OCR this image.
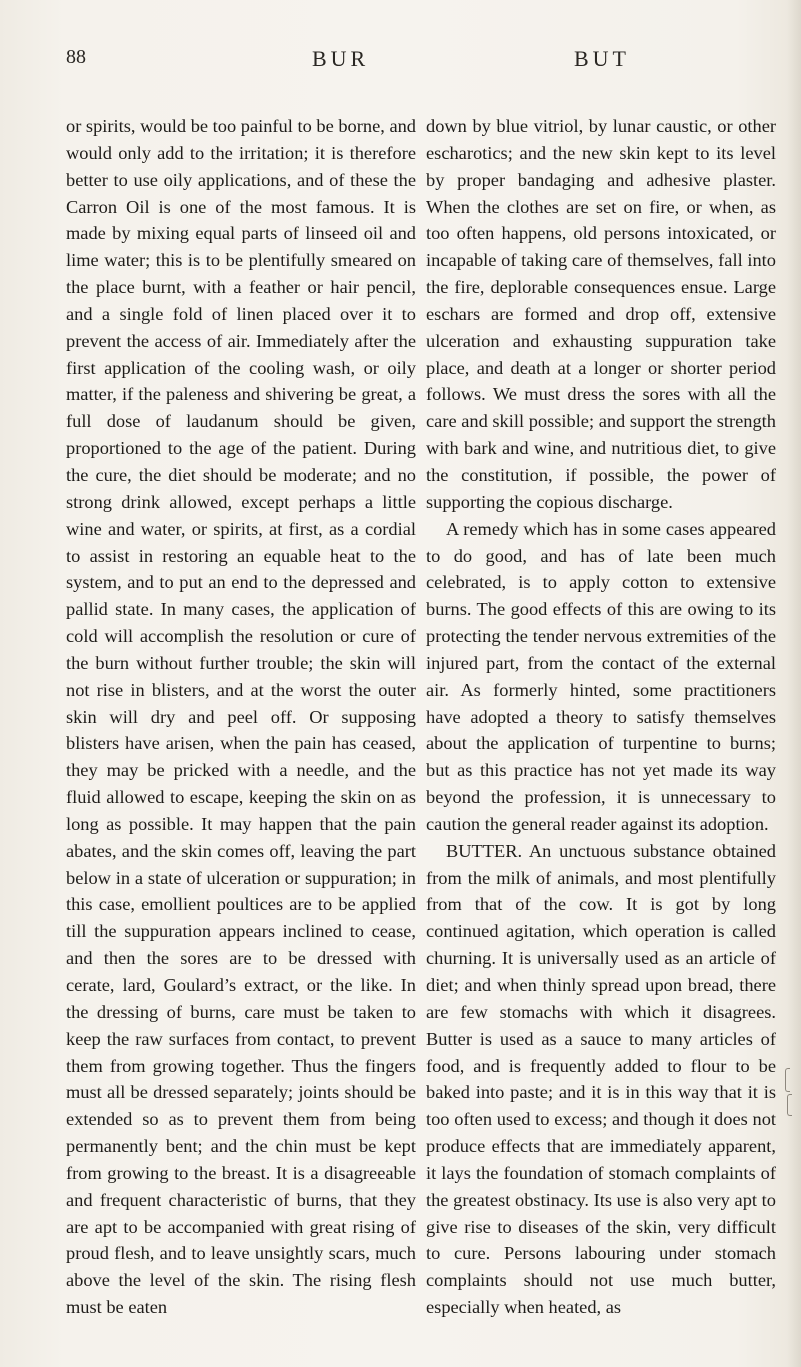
88	BUR	BUT

or spirits, would be too painful to be borne, and would only add to the irritation; it is therefore better to use oily applications, and of these the Carron Oil is one of the most famous. It is made by mixing equal parts of linseed oil and lime water; this is to be plentifully smeared on the place burnt, with a feather or hair pencil, and a single fold of linen placed over it to prevent the access of air. Immediately after the first application of the cooling wash, or oily matter, if the paleness and shivering be great, a full dose of laudanum should be given, proportioned to the age of the patient. During the cure, the diet should be moderate; and no strong drink allowed, except perhaps a little wine and water, or spirits, at first, as a cordial to assist in restoring an equable heat to the system, and to put an end to the depressed and pallid state. In many cases, the application of cold will accomplish the resolution or cure of the burn without further trouble; the skin will not rise in blisters, and at the worst the outer skin will dry and peel off. Or supposing blisters have arisen, when the pain has ceased, they may be pricked with a needle, and the fluid allowed to escape, keeping the skin on as long as possible. It may happen that the pain abates, and the skin comes off, leaving the part below in a state of ulceration or suppuration; in this case, emollient poultices are to be applied till the suppuration appears inclined to cease, and then the sores are to be dressed with cerate, lard, Goulard’s extract, or the like. In the dressing of burns, care must be taken to keep the raw surfaces from contact, to prevent them from growing together. Thus the fingers must all be dressed separately; joints should be extended so as to prevent them from being permanently bent; and the chin must be kept from growing to the breast. It is a disagreeable and frequent characteristic of burns, that they are apt to be accompanied with great rising of proud flesh, and to leave unsightly scars, much above the level of the skin. The rising flesh must be eaten

down by blue vitriol, by lunar caustic, or other escharotics; and the new skin kept to its level by proper bandaging and adhesive plaster. When the clothes are set on fire, or when, as too often happens, old persons intoxicated, or incapable of taking care of themselves, fall into the fire, deplorable consequences ensue. Large eschars are formed and drop off, extensive ulceration and exhausting suppuration take place, and death at a longer or shorter period follows. We must dress the sores with all the care and skill possible; and support the strength with bark and wine, and nutritious diet, to give the constitution, if possible, the power of supporting the copious discharge.

A remedy which has in some cases appeared to do good, and has of late been much celebrated, is to apply cotton to extensive burns. The good effects of this are owing to its protecting the tender nervous extremities of the injured part, from the contact of the external air. As formerly hinted, some practitioners have adopted a theory to satisfy themselves about the application of turpentine to burns; but as this practice has not yet made its way beyond the profession, it is unnecessary to caution the general reader against its adoption.

BUTTER. An unctuous substance obtained from the milk of animals, and most plentifully from that of the cow. It is got by long continued agitation, which operation is called churning. It is universally used as an article of diet; and when thinly spread upon bread, there are few stomachs with which it disagrees. Butter is used as a sauce to many articles of food, and is frequently added to flour to be baked into paste; and it is in this way that it is too often used to excess; and though it does not produce effects that are immediately apparent, it lays the foundation of stomach complaints of the greatest obstinacy. Its use is also very apt to give rise to diseases of the skin, very difficult to cure. Persons labouring under stomach complaints should not use much butter, especially when heated, as
